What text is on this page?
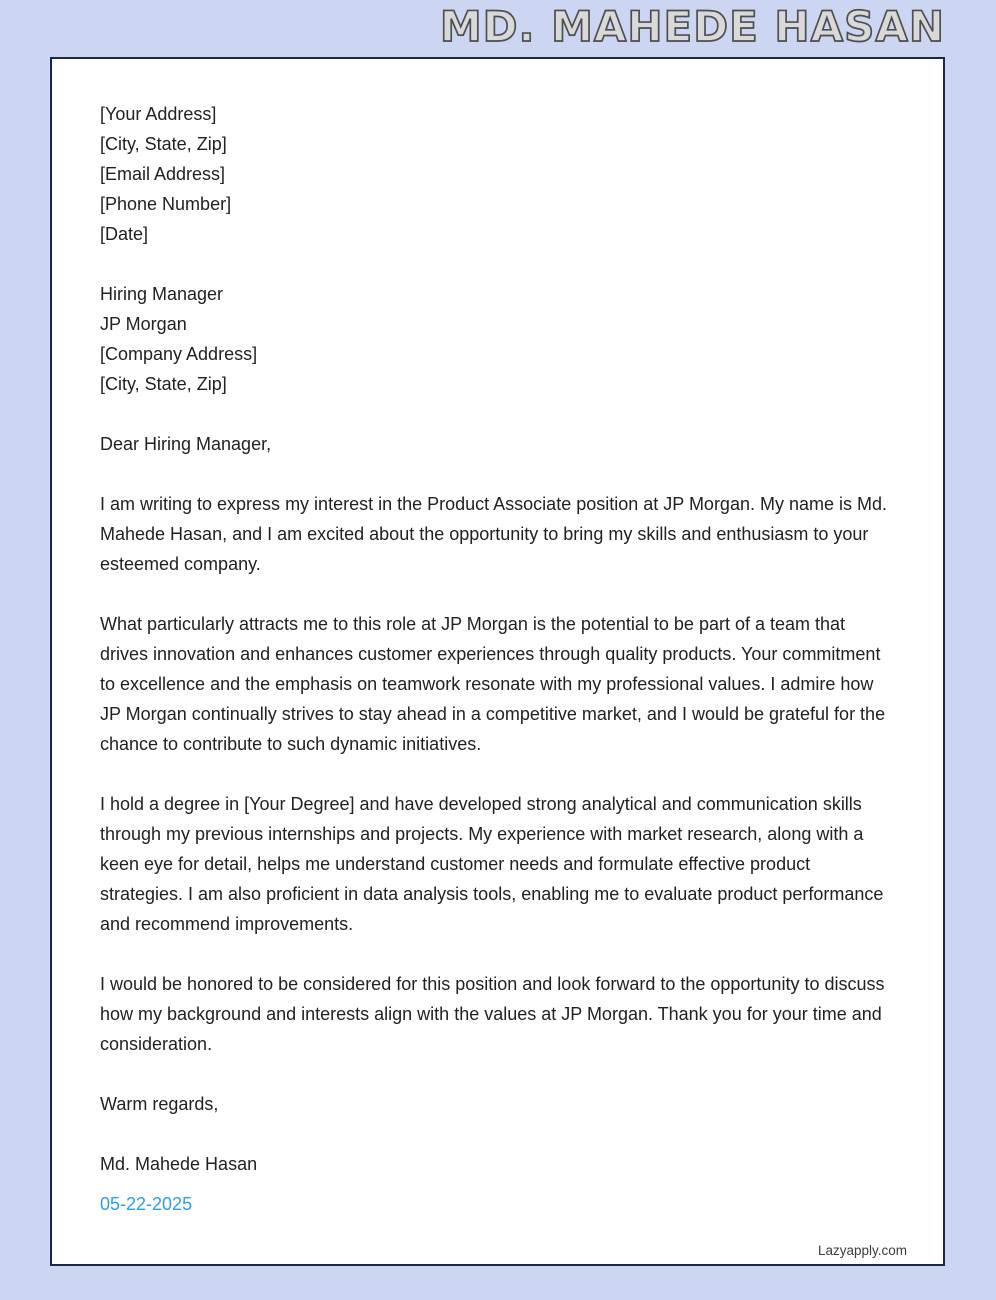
MD. MAHEDE HASAN
[Your Address]
[City, State, Zip]
[Email Address]
[Phone Number]
[Date]
Hiring Manager
JP Morgan
[Company Address]
[City, State, Zip]
Dear Hiring Manager,

I am writing to express my interest in the Product Associate position at JP Morgan. My name is Md. Mahede Hasan, and I am excited about the opportunity to bring my skills and enthusiasm to your esteemed company.

What particularly attracts me to this role at JP Morgan is the potential to be part of a team that drives innovation and enhances customer experiences through quality products. Your commitment to excellence and the emphasis on teamwork resonate with my professional values. I admire how JP Morgan continually strives to stay ahead in a competitive market, and I would be grateful for the chance to contribute to such dynamic initiatives.

I hold a degree in [Your Degree] and have developed strong analytical and communication skills through my previous internships and projects. My experience with market research, along with a keen eye for detail, helps me understand customer needs and formulate effective product strategies. I am also proficient in data analysis tools, enabling me to evaluate product performance and recommend improvements.

I would be honored to be considered for this position and look forward to the opportunity to discuss how my background and interests align with the values at JP Morgan. Thank you for your time and consideration.

Warm regards,
Md. Mahede Hasan
05-22-2025
Lazyapply.com
